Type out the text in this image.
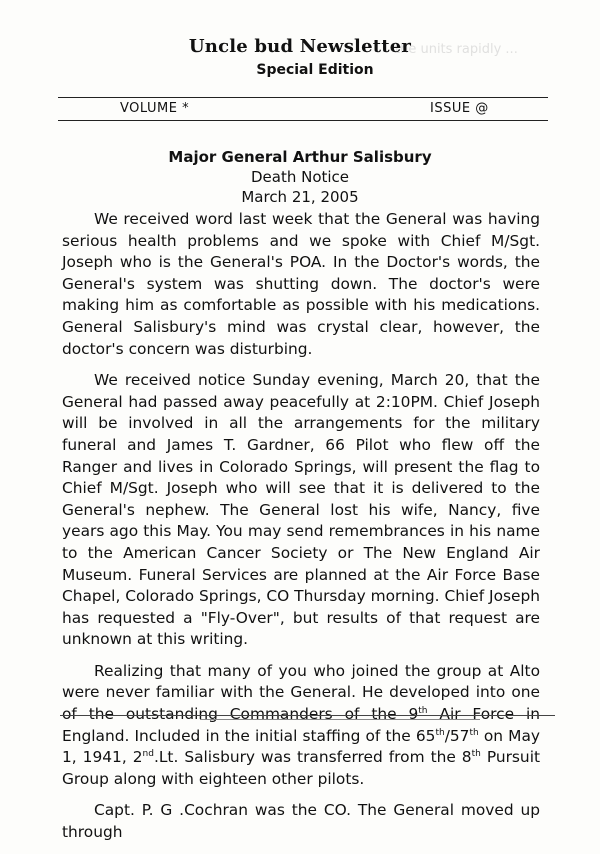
the units rapidly ...
Uncle bud Newsletter
Special Edition
VOLUME *	ISSUE @
Major General Arthur Salisbury
Death Notice
March 21, 2005

We received word last week that the General was having serious health problems and we spoke with Chief M/Sgt. Joseph who is the General's POA. In the Doctor's words, the General's system was shutting down. The doctor's were making him as comfortable as possible with his medications. General Salisbury's mind was crystal clear, however, the doctor's concern was disturbing.

We received notice Sunday evening, March 20, that the General had passed away peacefully at 2:10PM. Chief Joseph will be involved in all the arrangements for the military funeral and James T. Gardner, 66 Pilot who flew off the Ranger and lives in Colorado Springs, will present the flag to Chief M/Sgt. Joseph who will see that it is delivered to the General's nephew. The General lost his wife, Nancy, five years ago this May. You may send remembrances in his name to the American Cancer Society or The New England Air Museum. Funeral Services are planned at the Air Force Base Chapel, Colorado Springs, CO Thursday morning. Chief Joseph has requested a "Fly-Over", but results of that request are unknown at this writing.

Realizing that many of you who joined the group at Alto were never familiar with the General. He developed into one of the outstanding Commanders of the 9th Air Force in England. Included in the initial staffing of the 65th/57th on May 1, 1941, 2nd.Lt. Salisbury was transferred from the 8th Pursuit Group along with eighteen other pilots.

Capt. P. G .Cochran was the CO. The General moved up through
